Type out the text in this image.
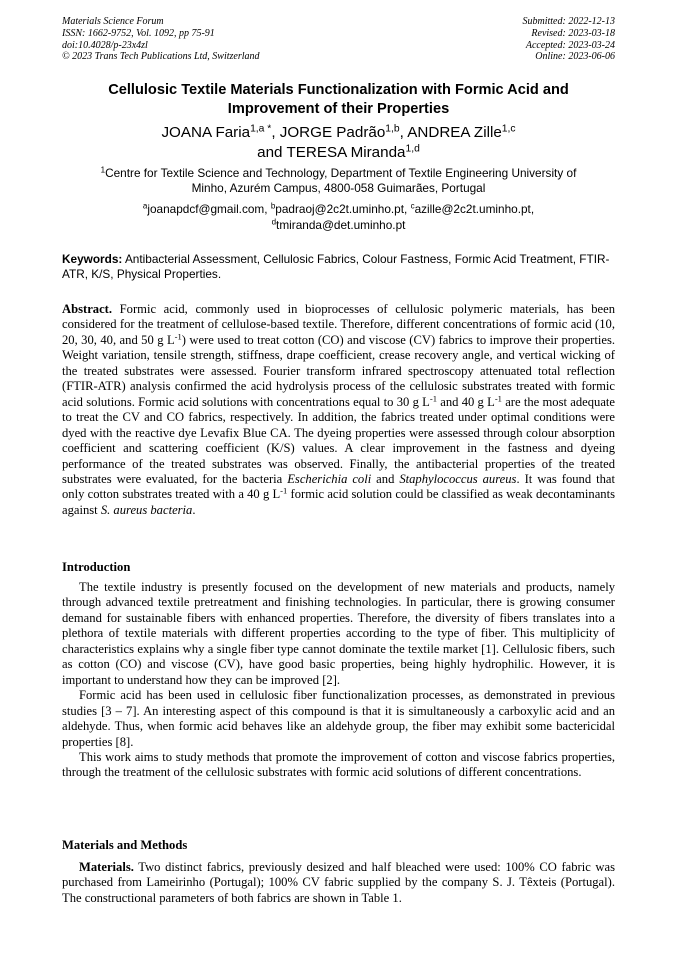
Materials Science Forum
ISSN: 1662-9752, Vol. 1092, pp 75-91
doi:10.4028/p-23x4zl
© 2023 Trans Tech Publications Ltd, Switzerland
Submitted: 2022-12-13
Revised: 2023-03-18
Accepted: 2023-03-24
Online: 2023-06-06
Cellulosic Textile Materials Functionalization with Formic Acid and
Improvement of their Properties
JOANA Faria$^{1,a *}$, JORGE Padrão$^{1,b}$, ANDREA Zille$^{1,c}$
and TERESA Miranda$^{1,d}$
$^1$Centre for Textile Science and Technology, Department of Textile Engineering University of
Minho, Azurém Campus, 4800-058 Guimarães, Portugal
$^a$joanapdcf@gmail.com, $^b$padraoj@2c2t.uminho.pt, $^c$azille@2c2t.uminho.pt,
$^d$tmiranda@det.uminho.pt
Keywords: Antibacterial Assessment, Cellulosic Fabrics, Colour Fastness, Formic Acid Treatment, FTIR-ATR, K/S, Physical Properties.
Abstract. Formic acid, commonly used in bioprocesses of cellulosic polymeric materials, has been considered for the treatment of cellulose-based textile. Therefore, different concentrations of formic acid (10, 20, 30, 40, and 50 g $L^{-1}$) were used to treat cotton (CO) and viscose (CV) fabrics to improve their properties. Weight variation, tensile strength, stiffness, drape coefficient, crease recovery angle, and vertical wicking of the treated substrates were assessed. Fourier transform infrared spectroscopy attenuated total reflection (FTIR-ATR) analysis confirmed the acid hydrolysis process of the cellulosic substrates treated with formic acid solutions. Formic acid solutions with concentrations equal to 30 g $L^{-1}$ and 40 g $L^{-1}$ are the most adequate to treat the CV and CO fabrics, respectively. In addition, the fabrics treated under optimal conditions were dyed with the reactive dye Levafix Blue CA. The dyeing properties were assessed through colour absorption coefficient and scattering coefficient (K/S) values. A clear improvement in the fastness and dyeing performance of the treated substrates was observed. Finally, the antibacterial properties of the treated substrates were evaluated, for the bacteria Escherichia coli and Staphylococcus aureus. It was found that only cotton substrates treated with a 40 g $L^{-1}$ formic acid solution could be classified as weak decontaminants against S. aureus bacteria.
Introduction

The textile industry is presently focused on the development of new materials and products, namely through advanced textile pretreatment and finishing technologies. In particular, there is growing consumer demand for sustainable fibers with enhanced properties. Therefore, the diversity of fibers translates into a plethora of textile materials with different properties according to the type of fiber. This multiplicity of characteristics explains why a single fiber type cannot dominate the textile market [1]. Cellulosic fibers, such as cotton (CO) and viscose (CV), have good basic properties, being highly hydrophilic. However, it is important to understand how they can be improved [2].

Formic acid has been used in cellulosic fiber functionalization processes, as demonstrated in previous studies [3 – 7]. An interesting aspect of this compound is that it is simultaneously a carboxylic acid and an aldehyde. Thus, when formic acid behaves like an aldehyde group, the fiber may exhibit some bactericidal properties [8].

This work aims to study methods that promote the improvement of cotton and viscose fabrics properties, through the treatment of the cellulosic substrates with formic acid solutions of different concentrations.

Materials and Methods

Materials. Two distinct fabrics, previously desized and half bleached were used: 100% CO fabric was purchased from Lameirinho (Portugal); 100% CV fabric supplied by the company S. J. Têxteis (Portugal). The constructional parameters of both fabrics are shown in Table 1.
